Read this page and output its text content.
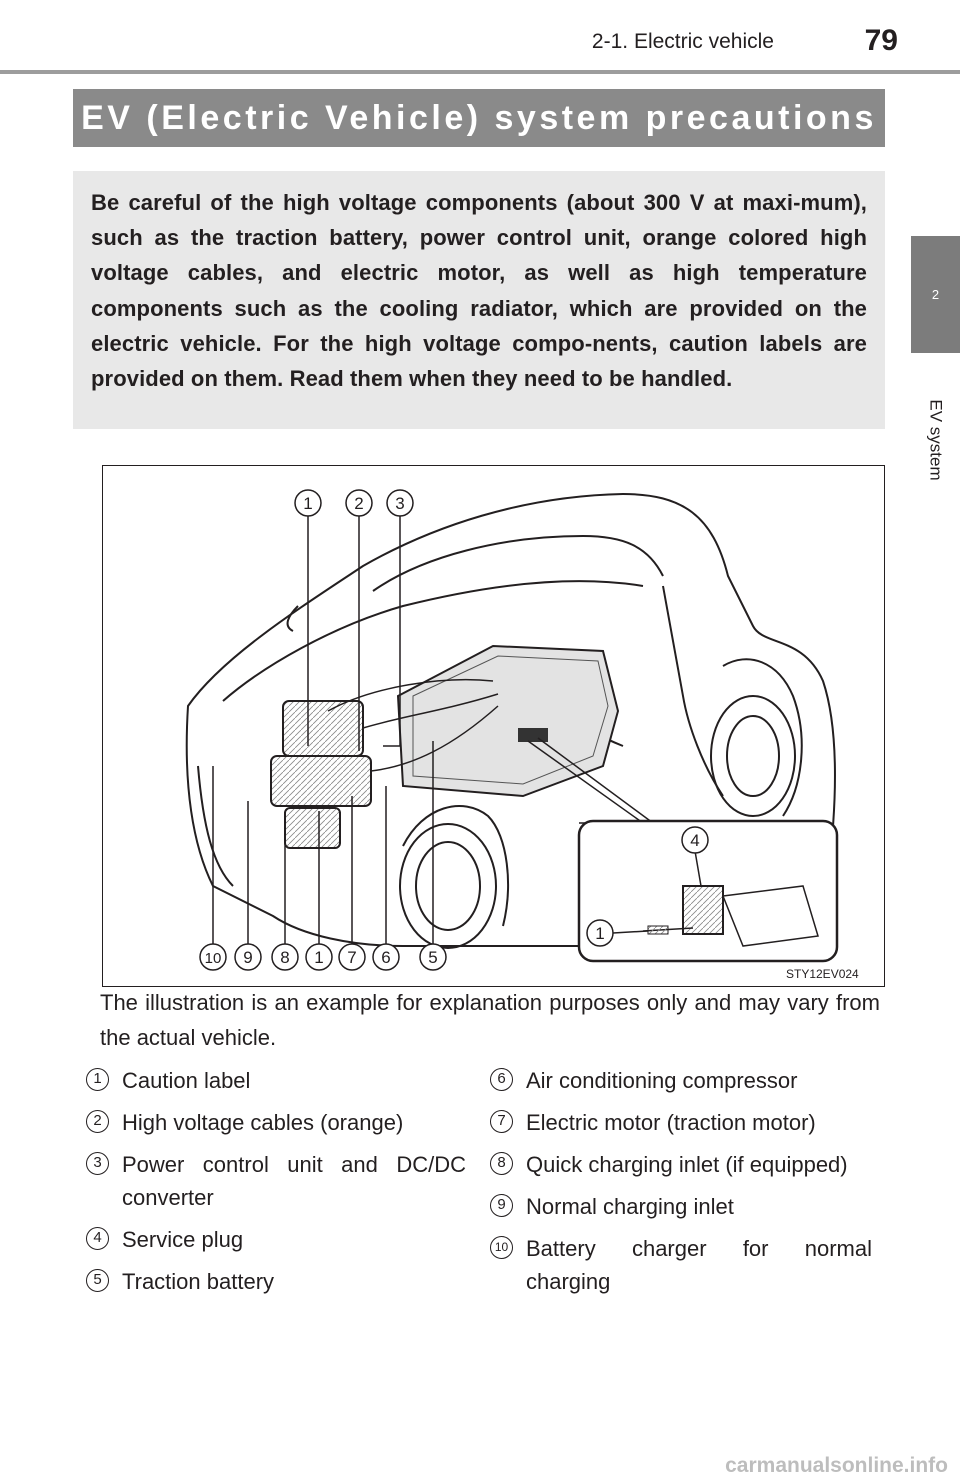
2-1. Electric vehicle	79
2
EV system
EV (Electric Vehicle) system precautions

Be careful of the high voltage components (about 300 V at maxi-mum), such as the traction battery, power control unit, orange colored high voltage cables, and electric motor, as well as high temperature components such as the cooling radiator, which are provided on the electric vehicle. For the high voltage compo-nents, caution labels are provided on them. Read them when they need to be handled.

1 2 3
10 9 8 1 7 6 5
4
1
STY12EV024

The illustration is an example for explanation purposes only and may vary from the actual vehicle.

1 Caution label
2 High voltage cables (orange)
3 Power control unit and DC/DC converter
4 Service plug
5 Traction battery
6 Air conditioning compressor
7 Electric motor (traction motor)
8 Quick charging inlet (if equipped)
9 Normal charging inlet
10 Battery charger for normal charging
carmanualsonline.info
